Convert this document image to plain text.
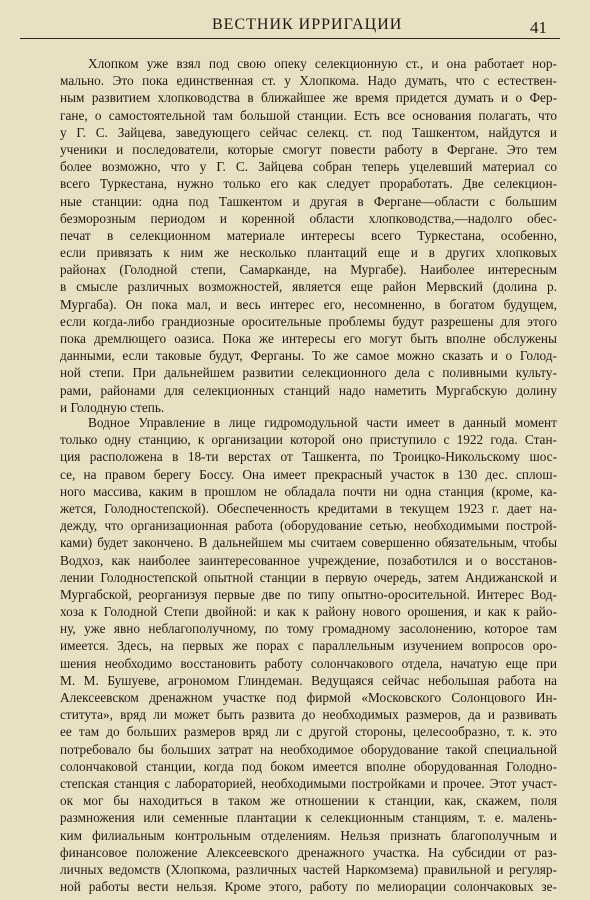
ВЕСТНИК ИРРИГАЦИИ	41
Хлопком уже взял под свою опеку селекционную ст., и она работает нор-
мально. Это пока единственная ст. у Хлопкома. Надо думать, что с естествен-
ным развитием хлопководства в ближайшее же время придется думать и о Фер-
гане, о самостоятельной там большой станции. Есть все основания полагать, что
у Г. С. Зайцева, заведующего сейчас селекц. ст. под Ташкентом, найдутся и
ученики и последователи, которые смогут повести работу в Фергане. Это тем
более возможно, что у Г. С. Зайцева собран теперь уцелевший материал со
всего Туркестана, нужно только его как следует проработать. Две селекцион-
ные станции: одна под Ташкентом и другая в Фергане—области с большим
безморозным периодом и коренной области хлопководства,—надолго обес-
печат в селекционном материале интересы всего Туркестана, особенно,
если привязать к ним же несколько плантаций еще и в других хлопковых
районах (Голодной степи, Самарканде, на Мургабе). Наиболее интересным
в смысле различных возможностей, является еще район Мервский (долина р.
Мургаба). Он пока мал, и весь интерес его, несомненно, в богатом будущем,
если когда-либо грандиозные оросительные проблемы будут разрешены для этого
пока дремлющего оазиса. Пока же интересы его могут быть вполне обслужены
данными, если таковые будут, Ферганы. То же самое можно сказать и о Голод-
ной степи. При дальнейшем развитии селекционного дела с поливными культу-
рами, районами для селекционных станций надо наметить Мургабскую долину
и Голодную степь.
Водное Управление в лице гидромодульной части имеет в данный момент
только одну станцию, к организации которой оно приступило с 1922 года. Стан-
ция расположена в 18-ти верстах от Ташкента, по Троицко-Никольскому шос-
се, на правом берегу Боссу. Она имеет прекрасный участок в 130 дес. сплош-
ного массива, каким в прошлом не обладала почти ни одна станция (кроме, ка-
жется, Голодностепской). Обеспеченность кредитами в текущем 1923 г. дает на-
дежду, что организационная работа (оборудование сетью, необходимыми построй-
ками) будет закончено. В дальнейшем мы считаем совершенно обязательным, чтобы
Водхоз, как наиболее заинтересованное учреждение, позаботился и о восстанов-
лении Голодностепской опытной станции в первую очередь, затем Андижанской и
Мургабской, реорганизуя первые две по типу опытно-оросительной. Интерес Вод-
хоза к Голодной Степи двойной: и как к району нового орошения, и как к райо-
ну, уже явно неблагополучному, по тому громадному засолонению, которое там
имеется. Здесь, на первых же порах с параллельным изучением вопросов оро-
шения необходимо восстановить работу солончакового отдела, начатую еще при
М. М. Бушуеве, агрономом Глиндеман. Ведущаяся сейчас небольшая работа на
Алексеевском дренажном участке под фирмой «Московского Солонцового Ин-
ститута», вряд ли может быть развита до необходимых размеров, да и развивать
ее там до больших размеров вряд ли с другой стороны, целесообразно, т. к. это
потребовало бы больших затрат на необходимое оборудование такой специальной
солончаковой станции, когда под боком имеется вполне оборудованная Голодно-
степская станция с лабораторией, необходимыми постройками и прочее. Этот участ-
ок мог бы находиться в таком же отношении к станции, как, скажем, поля
размножения или семенные плантации к селекционным станциям, т. е. малень-
ким филиальным контрольным отделениям. Нельзя признать благополучным и
финансовое положение Алексеевского дренажного участка. На субсидии от раз-
личных ведомств (Хлопкома, различных частей Наркомзема) правильной и регуляр-
ной работы вести нельзя. Кроме этого, работу по мелиорации солончаковых зе-
